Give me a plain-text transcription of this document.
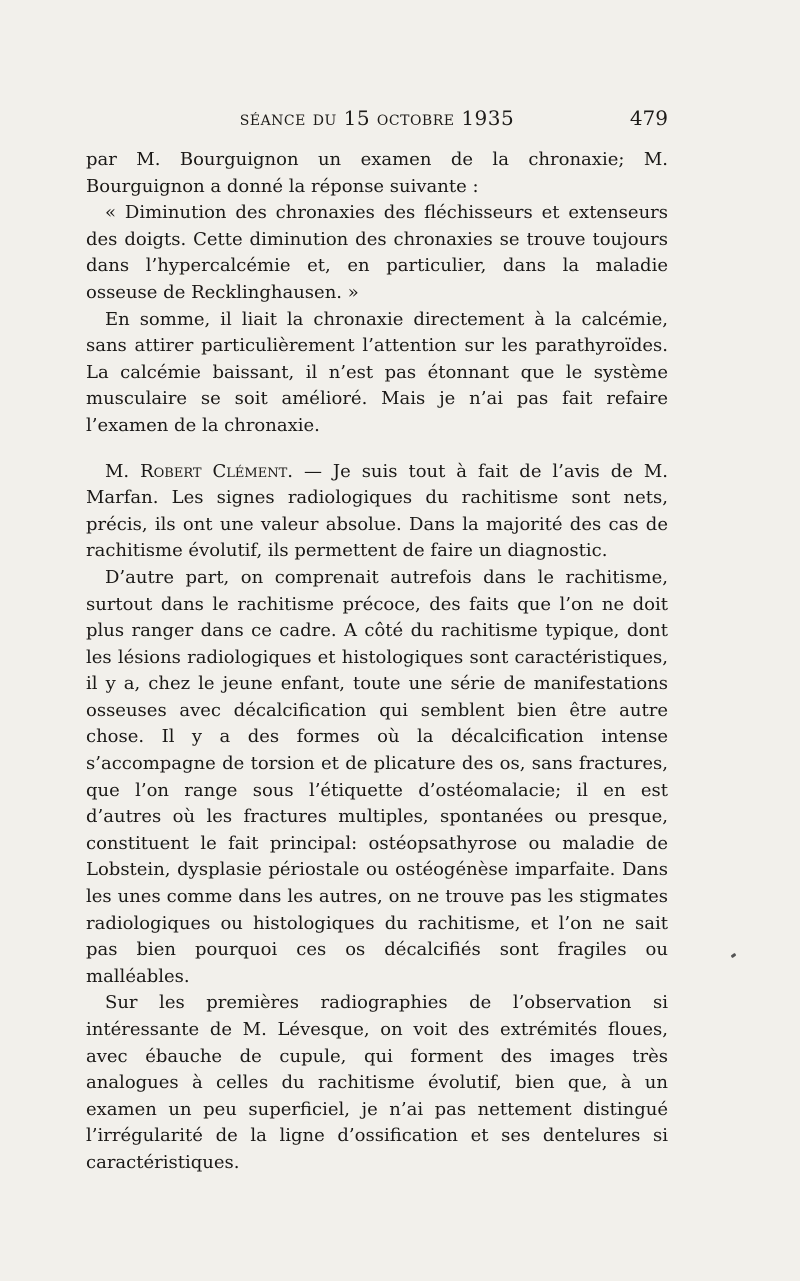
séance du 15 octobre 1935	479

par M. Bourguignon un examen de la chronaxie; M. Bourguignon a donné la réponse suivante :

« Diminution des chronaxies des fléchisseurs et extenseurs des doigts. Cette diminution des chronaxies se trouve toujours dans l’hypercalcémie et, en particulier, dans la maladie osseuse de Recklinghausen. »

En somme, il liait la chronaxie directement à la calcémie, sans attirer particulièrement l’attention sur les parathyroïdes. La calcémie baissant, il n’est pas étonnant que le système musculaire se soit amélioré. Mais je n’ai pas fait refaire l’examen de la chronaxie.

M. Robert Clément. — Je suis tout à fait de l’avis de M. Marfan. Les signes radiologiques du rachitisme sont nets, précis, ils ont une valeur absolue. Dans la majorité des cas de rachitisme évolutif, ils permettent de faire un diagnostic.

D’autre part, on comprenait autrefois dans le rachitisme, surtout dans le rachitisme précoce, des faits que l’on ne doit plus ranger dans ce cadre. A côté du rachitisme typique, dont les lésions radiologiques et histologiques sont caractéristiques, il y a, chez le jeune enfant, toute une série de manifestations osseuses avec décalcification qui semblent bien être autre chose. Il y a des formes où la décalcification intense s’accompagne de torsion et de plicature des os, sans fractures, que l’on range sous l’étiquette d’ostéomalacie; il en est d’autres où les fractures multiples, spontanées ou presque, constituent le fait principal: ostéopsathyrose ou maladie de Lobstein, dysplasie périostale ou ostéogénèse imparfaite. Dans les unes comme dans les autres, on ne trouve pas les stigmates radiologiques ou histologiques du rachitisme, et l’on ne sait pas bien pourquoi ces os décalcifiés sont fragiles ou malléables.

Sur les premières radiographies de l’observation si intéressante de M. Lévesque, on voit des extrémités floues, avec ébauche de cupule, qui forment des images très analogues à celles du rachitisme évolutif, bien que, à un examen un peu superficiel, je n’ai pas nettement distingué l’irrégularité de la ligne d’ossification et ses dentelures si caractéristiques.
